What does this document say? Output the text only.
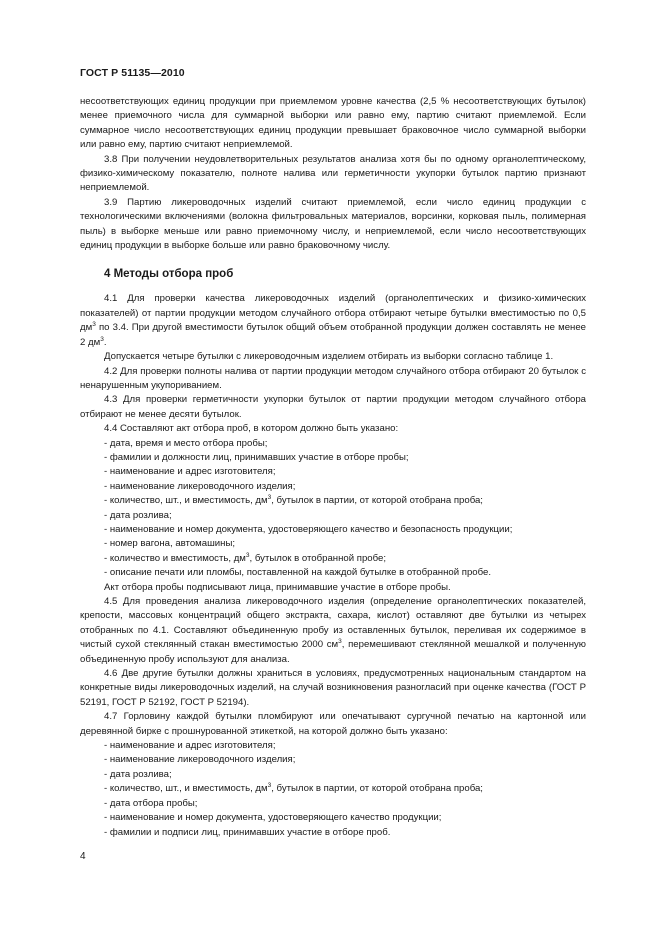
ГОСТ Р 51135—2010

несоответствующих единиц продукции при приемлемом уровне качества (2,5 % несоответствующих бутылок) менее приемочного числа для суммарной выборки или равно ему, партию считают приемлемой. Если суммарное число несоответствующих единиц продукции превышает браковочное число суммарной выборки или равно ему, партию считают неприемлемой.

3.8 При получении неудовлетворительных результатов анализа хотя бы по одному органолептическому, физико-химическому показателю, полноте налива или герметичности укупорки бутылок партию признают неприемлемой.

3.9 Партию ликероводочных изделий считают приемлемой, если число единиц продукции с технологическими включениями (волокна фильтровальных материалов, ворсинки, корковая пыль, полимерная пыль) в выборке меньше или равно приемочному числу, и неприемлемой, если число несоответствующих единиц продукции в выборке больше или равно браковочному числу.

4 Методы отбора проб

4.1 Для проверки качества ликероводочных изделий (органолептических и физико-химических показателей) от партии продукции методом случайного отбора отбирают четыре бутылки вместимостью по 0,5 $дм^3$ по 3.4. При другой вместимости бутылок общий объем отобранной продукции должен составлять не менее 2 $дм^3$.

Допускается четыре бутылки с ликероводочным изделием отбирать из выборки согласно таблице 1.

4.2 Для проверки полноты налива от партии продукции методом случайного отбора отбирают 20 бутылок с ненарушенным укупориванием.

4.3 Для проверки герметичности укупорки бутылок от партии продукции методом случайного отбора отбирают не менее десяти бутылок.

4.4 Составляют акт отбора проб, в котором должно быть указано:

- дата, время и место отбора пробы;

- фамилии и должности лиц, принимавших участие в отборе пробы;

- наименование и адрес изготовителя;

- наименование ликероводочного изделия;

- количество, шт., и вместимость, $дм^3$, бутылок в партии, от которой отобрана проба;

- дата розлива;

- наименование и номер документа, удостоверяющего качество и безопасность продукции;

- номер вагона, автомашины;

- количество и вместимость, $дм^3$, бутылок в отобранной пробе;

- описание печати или пломбы, поставленной на каждой бутылке в отобранной пробе.

Акт отбора пробы подписывают лица, принимавшие участие в отборе пробы.

4.5 Для проведения анализа ликероводочного изделия (определение органолептических показателей, крепости, массовых концентраций общего экстракта, сахара, кислот) оставляют две бутылки из четырех отобранных по 4.1. Составляют объединенную пробу из оставленных бутылок, переливая их содержимое в чистый сухой стеклянный стакан вместимостью 2000 $см^3$, перемешивают стеклянной мешалкой и полученную объединенную пробу используют для анализа.

4.6 Две другие бутылки должны храниться в условиях, предусмотренных национальным стандартом на конкретные виды ликероводочных изделий, на случай возникновения разногласий при оценке качества (ГОСТ Р 52191, ГОСТ Р 52192, ГОСТ Р 52194).

4.7 Горловину каждой бутылки пломбируют или опечатывают сургучной печатью на картонной или деревянной бирке с прошнурованной этикеткой, на которой должно быть указано:

- наименование и адрес изготовителя;

- наименование ликероводочного изделия;

- дата розлива;

- количество, шт., и вместимость, $дм^3$, бутылок в партии, от которой отобрана проба;

- дата отбора пробы;

- наименование и номер документа, удостоверяющего качество продукции;

- фамилии и подписи лиц, принимавших участие в отборе проб.

4
